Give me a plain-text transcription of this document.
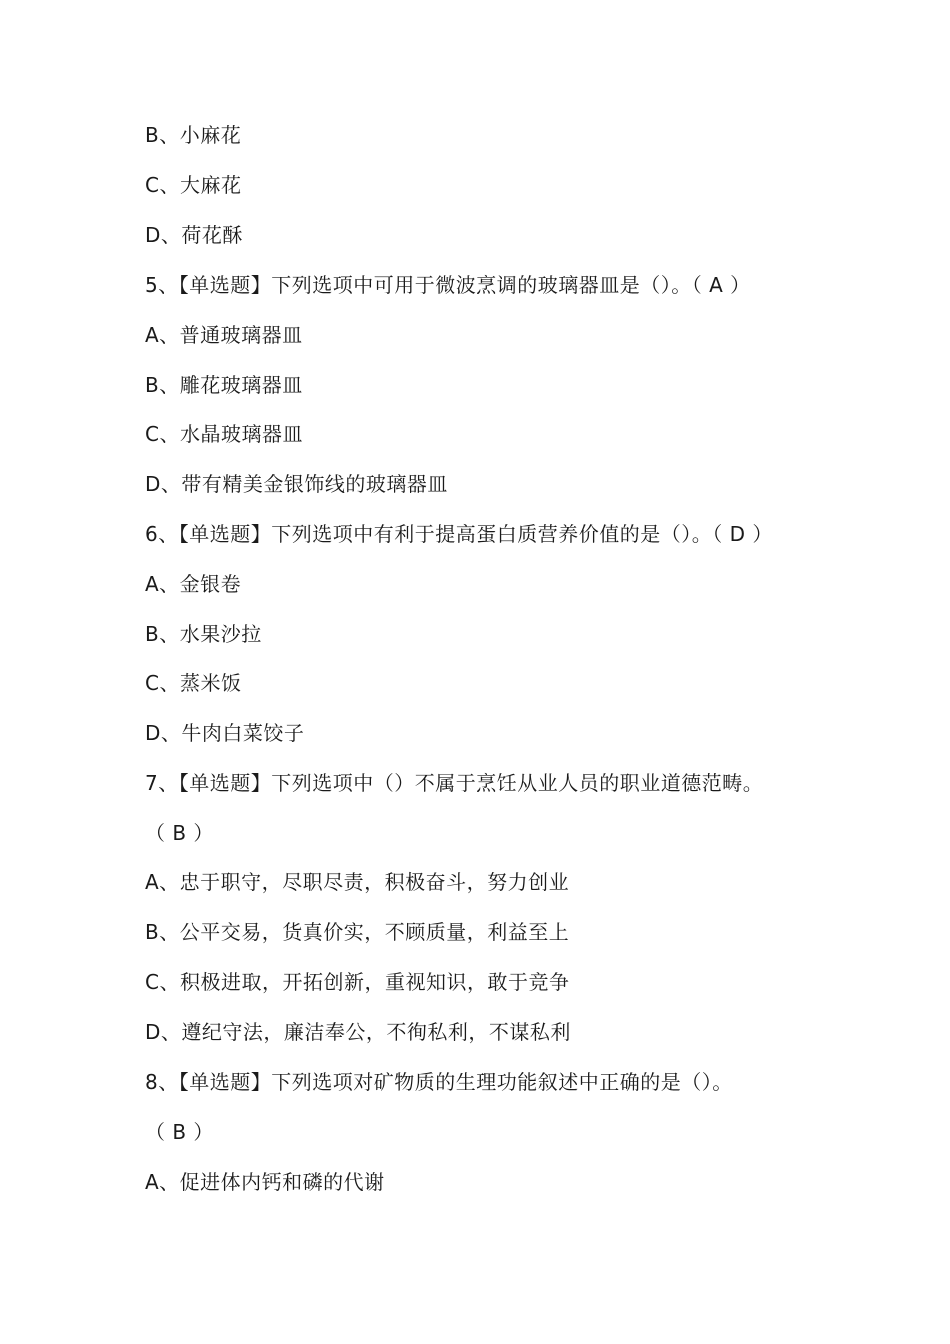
B、小麻花
C、大麻花
D、荷花酥
5、【单选题】下列选项中可用于微波烹调的玻璃器皿是（）。（ A ）
A、普通玻璃器皿
B、雕花玻璃器皿
C、水晶玻璃器皿
D、带有精美金银饰线的玻璃器皿
6、【单选题】下列选项中有利于提高蛋白质营养价值的是（）。（ D ）
A、金银卷
B、水果沙拉
C、蒸米饭
D、牛肉白菜饺子
7、【单选题】下列选项中（）不属于烹饪从业人员的职业道德范畴。
（ B ）
A、忠于职守，尽职尽责，积极奋斗，努力创业
B、公平交易，货真价实，不顾质量，利益至上
C、积极进取，开拓创新，重视知识，敢于竞争
D、遵纪守法，廉洁奉公，不徇私利，不谋私利
8、【单选题】下列选项对矿物质的生理功能叙述中正确的是（）。
（ B ）
A、促进体内钙和磷的代谢
